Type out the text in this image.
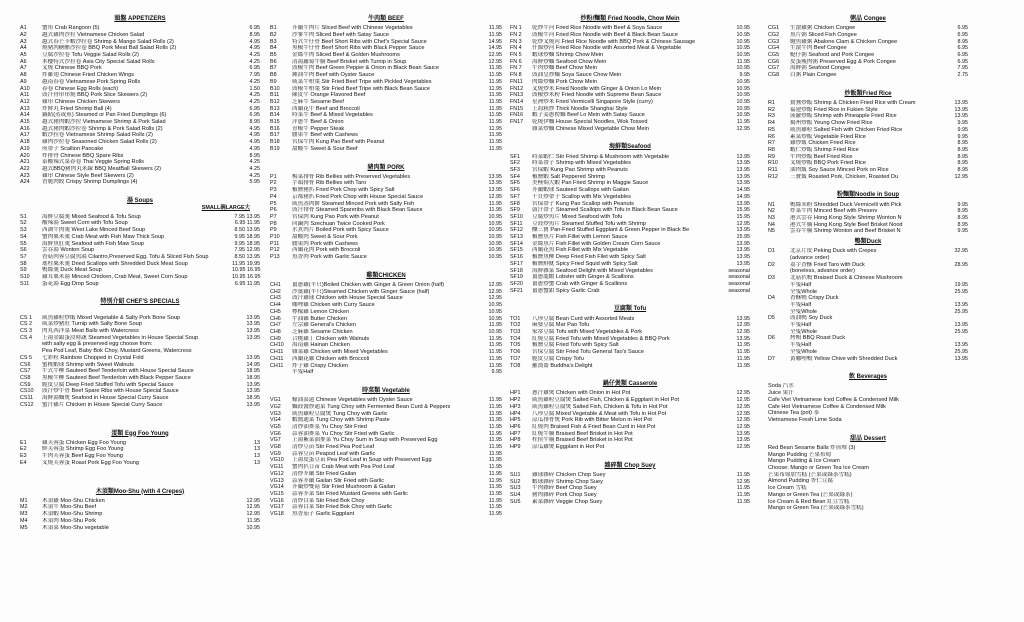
頭盤 APPETIZERS
A1	蟹角 Crab Rangoon (5)	6.95
A2	越式雞肉沙拉 Vietnamese Chicken Salad	8.95
A3	越式春芒卡蝦沙拉卷 Shrimp & Mango Salad Rolls (2)	4.95
A4	燒豬肉糖醋沙拉卷 BBQ Pork Meat Ball Salad Rolls (2)	4.95
A5	豆腐沙拉卷 Tofu Veggie Salad Rolls (2)	4.25
A6	本樓特式沙拉卷 Asia City Special Salad Rolls	4.25
A7	叉燒 Chinese BBQ Pork	6.95
A8	炸雞翅 Chinese Fried Chicken Wings	7.95
A9	越南春卷 Vietnamese Pork Spring Rolls	4.25
A10	春卷 Chinese Egg Rolls (each)	1.50
A11	豉汁骨串串燒 BBQ Pork Slice Skewers (2)	4.25
A12	雞串 Chinese Chicken Skewers	4.25
A13	炸鮮丸 Fried Shrimp Ball (4)	6.95
A14	鍋貼(蒸或煎) Steamed or Pan Fried Dumplings (6)	6.95
A15	越式豬肉蝦沙拉 Vietnamese Shrimp & Pork Salad	8.95
A16	越式豬肉蝦沙拉卷 Shrimp & Pork Salad Rolls (2)	4.95
A17	蝦沙拉卷 Vietnamese Shrimp Salad Rolls (2)	4.95
A18	雞肉沙拉卷 Seasoned Chicken Salad Rolls (2)	4.95
A19	煎帶子 Scallion Pancake	4.95
A20	炸排骨 Chinese BBQ Spare Ribs	8.95
A21	泰酸辣式菜春卷 Thai Veggie Spring Rolls	4.25
A22	越式BBQ豬肉丸米線 BBQ MeatBall Skewers (2)	4.25
A23	雞串 Chinese Style Beef Skewers (2)	4.25
A24	香脆肉餃 Crispy Shrimp Dumplings (4)	5.95
湯 Soups
SMALL碗LARGE大
S1	海鮮豆腐羹 Mixed Seafood & Tofu Soup	7.95 13.95
S2	酸辣湯 Sweet Corn with Tofu Soup	6.95 11.95
S3	西湖牛肉羹 West Lake Minced Beef Soup	8.50 13.95
S4	蟹肉粟米羹 Crab Meat with Fish Maw Thick Soup	9.95 18.95
S5	海鮮魚肚羹 Seafood with Fish Maw Soup	9.95 18.95
S6	雲吞湯 Wonton Soup	7.95 12.95
S7	香菇肉蓉豆腐魚湯 Cilantro,Preserved Egg, Tofu & Sliced Fish Soup	8.50 13.95
S8	瑤柱粟米羹 Dried Scallops with Shredded Duck Meat Soup	11.95 19.95
S9	鴨絲羹 Duck Meat Soup	10.95 16.95
S10	雞茸粟米湯 Minced Chicken, Crab Meat, Sweet Corn Soup	10.95 16.95
S11	蛋花湯 Egg Drop Soup	6.95 11.95
特別介紹 CHEF'S SPECIALS
CS 1	咸魚雞粒炒飯 Mixed Vegetable & Salty Pork Bone Soup	13.95
CS 2	咸菜炒豬肚 Turnip with Salty Bone Soup	13.95
CS 3	肉丸西洋菜 Meat Balls with Watercress	13.95
CS 4	上湯金銀蛋浸時蔬 Steamed Vegetables in House Special Soup	13.95
with salty egg & preserved egg choose from:
Pea Pod Leaf, Baby Bok Choy, Mustard Greens, Watercress
CS 5	七彩粒 Rainbow Chopped in Crystal Fold	13.95
CS6	蜜桃蝦球 Shrimp with Sweet Walnuts	14.95
CS7	牛式牛柳 Sauteed Beef Tenderloin with House Special Sauce	18.95
CS8	黑椒牛柳 Sauteed Beef Tenderloin with Black Pepper Sauce	18.95
CS9	脆皮豆腐 Deep Fried Stuffed Tofu with Special Sauce	13.95
CS10	豉汁炒牛骨 Beef Spare Ribs with House Special Sauce	13.95
CS11	海鮮湯麵煲 Seafood in House Special Curry Sauce	18.95
CS12	蜜汁雞片 Chicken in House Special Curry Sauce	13.95
蛋類 Egg Foo Young
E1	雞芙蓉蛋 Chicken Egg Foo Young	13
E2	鮮芙蓉蛋 Shrimp Egg Foo Young	13
E3	牛肉芙蓉蛋 Beef Egg Foo Young	13
E4	叉燒芙蓉蛋 Roast Pork Egg Foo Young	13
木須類Moo-Shu (with 4 Crepes)
M1	木須雞 Moo-Shu Chicken	12.95
M2	木須牛 Moo-Shu Beef	12.95
M3	木須蝦 Moo-Shu Shrimp	12.95
M4	木須肉 Moo-Shu Pork	11.95
M5	木須菜 Moo-Shu vegetable	10.95
牛肉類 BEEF
B1	芥蘭牛肉片 Sliced Beef with Chinese Vegetables	11.95
B2	沙爹牛肉 Sliced Beef with Satay Sauce	11.95
B3	特式牛仔骨 Beef Short Ribs with Chef's Special Sauce	14.95
B4	黑椒牛仔骨 Beef Short Ribs with Black Pepper Sauce	14.95
B5	金絲牛肉 Sliced Beef & Golden Mushrooms	12.95
B6	清湯蘿蔔牛腩 Beef Brisket with Turnip in Soup	12.95
B7	豉椒牛肉 Beef Green Pepper & Onion in Black Bean Sauce	11.95
B8	鍾油牛肉 Beef with Oyster Sauce	11.95
B9	咸菜牛柏葉 Stir Fried Beef Tripe with Pickled Vegetables	11.95
B10	豉椒牛柏葉 Stir Fried Beef Tripe with Black Bean Sauce	11.95
B11	陳皮牛 Orange Flavored Beef	11.95
B12	芝麻牛 Sesame Beef	11.95
B13	西蘭花牛 Beef and Broccoli	11.95
B14	時菜牛 Beef & Mixed Vegetables	11.95
B15	洋蔥牛 Beef & Onion	11.95
B16	青椒牛 Pepper Steak	11.95
B17	腰果牛 Beef with Cashews	11.95
B18	宮保牛肉 Kung Pao Beef with Peanut	11.95
B19	甜酸牛 Sweet & Sour Beef	11.95
豬肉類 PORK
P1	梅菜排骨 Rib Bellies with Preserved Vegetables	13.95
P2	芋頭排骨 Rib Bellies with Taro	13.95
P3	椒鹽豬扒 Fried Pork Chop with Spicy Salt	13.95
P4	京都豬扒 Fried Pork Chop with House Special Sauce	12.95
P5	咸魚蒸肉餅 Steamed Minced Pork with Salty Fish	11.95
P6	豉汁排骨 Steamed Spareribs with Black Bean Sauce	11.95
P7	宮保肉 Kung Pao Pork with Peanut	10.95
P8	回鍋肉 Szechuan Twice Cooked Pork	10.95
P9	水煮肉片 Boiled Pork with Spicy Sauce	10.95
P10	甜酸肉 Sweet & Sour Pork	10.95
P11	腰果肉 Pork with Cashews	10.95
P12	西蘭花肉 Pork with Broccoli	10.95
P13	魚香肉 Pork with Garlic Sauce	10.95
雞類CHICKEN
CH1	薑蔥雞(半只)Boiled Chicken with Ginger & Green Onion (half)	12.95
CH2	沙薑雞(半只)Steamed Chicken with Ginger Sauce (half)	12.95
CH3	豉汁雞球 Chicken with House Special Sauce	12.95
CH4	咖哩雞 Chicken with Curry Sauce	10.95
CH5	檸檬雞 Lemon Chicken	10.95
CH6	牛油雞 Butter Chicken	10.95
CH7	左宗雞 General's Chicken	11.95
CH8	芝麻雞 Sesame Chicken	10.95
CH9	合桃雞丁 Chicken with Walnuts	11.95
CH10	海南雞 Hainan Chicken	11.95
CH11	雜菜雞 Chicken with Mixed Vegetables	11.95
CH11	西蘭花雞 Chicken with Broccoli	11.95
CH11	炸子雞 Crispy Chicken	11.95
半隻Half	9.95
時菜類 Vegetable
VG1	蠔油菜遠 Chinese Vegetables with Oyster Sauce	11.95
VG2	麵豉醬炒通菜 Tung Choy with Fermented Bean Curd & Peppers	11.95
VG3	咸魚雞粒豆腐煲 Tung Choy with Garlic	11.95
VG4	蝦醬通菜 Tung Choy with Shrimp Paste	11.95
VG5	清炒油麥菜 Yu Choy Stir Fried	11.95
VG6	蒜蓉油麥菜 Yu Choy Stir Fried with Garlic	11.95
VG7	上湯紫菜油麥菜 Yu Choy Sum in Soup with Preserved Egg	11.95
VG8	清炒豆苗 Stir Fried Pea Pod Leaf	11.95
VG9	蒜蓉豆苗 Peapod Leaf with Garlic	11.95
VG10	上湯皮蛋豆苗 Pea Pod Leaf in Soup with Preserved Egg	11.95
VG11	蟹肉扒豆苗 Crab Meat with Pea Pod Leaf	11.95
VG12	清炒芥蘭 Stir Fried Gailan	11.95
VG13	蒜蓉芥蘭 Gailan Stir Fried with Garlic	11.95
VG14	芥蘭炒雙菇 Stir Fried Mushroom & Gailan	11.95
VG15	蒜蓉芥菜 Stir Fried Mustard Greens with Garlic	11.95
VG16	清炒白菜 Stir Fried Bok Choy	11.95
VG17	蒜蓉白菜 Stir Fried Bok Choy with Garlic	11.95
VG18	魚香茄子 Garlic Eggplant	11.95
炒粉/麵類 Fried Noodle, Chow Mein
FN 1	乾炒牛河 Fried Rice Noodle with Beef & Soya Sauce	10.95
FN 2	豉椒牛河 Fried Rice Noodle with Beef & Black Bean Sauce	10.95
FN 3	乾炒叉燒河 Fried Rice Noodle with BBQ Pork & Chinese Sausage	10.95
FN 4	什錦炒河 Fried Rice Noodle with Assorted Meat & Vegetable	10.95
FN 5	蝦球炒麵 Shrimp Chow Mein	10.95
FN 6	海鮮炒麵 Seafood Chow Mein	11.95
FN 7	牛肉炒麵 Beef Chow Mein	10.95
FN 8	豉油皇炒麵 Soya Sauce Chow Mein	9.95
FN11	肉絲炒麵 Pork Chow Mein	10.95
FN12	叉燒炒米 Fried Noodle with Ginger & Onion Lo Mein	10.95
FN13	豉椒炒米粉 Fried Noodle with Supreme Bean Sauce	10.95
FN14	星洲炒米 Fried Vermicelli Singapore Style (curry)	10.95
FN15	上海粗炒 Thick Noodle Shanghai Style	10.95
FN16	蝦子姜蔥撈麵 Beef Lo Mein with Satay Sauce	10.95
FN17	乾燒伊麵 House Special Noodles, Wok Tossed	11.95
雜菜炒麵 Chinese Mixed Vegetable Chow Mein	12.95
海鮮類Seafood
SF1	時菜蝦仁 Stir Fried Shrimp & Mushroom with Vegetable	13.95
SF2	時菜帶子 Shrimp with Mixed Vegetables	13.95
SF3	宮保蝦 Kung Pao Shrimp with Peanuts	13.95
SF4	椒鹽蝦 Salt Peppered Shrimp	13.95
SF5	美極焗大蝦 Pan Fried Shrimp in Maggie Sauce	13.95
SF6	芥蘭蝦球 Sauteed Scallops with Gailan	14.95
SF7	干貝炒帶子 Scallop with Mix Vegetables	14.95
SF8	宮保帶子 Kung Pao Scallop with Peanuts	13.95
SF9	鼓汁帶子 Steamed Scallops with Tofu in Black Bean Sauce	15.95
SF10	豆腐炒魚片 Mixed Seafood with Tofu	15.95
SF11	豆豉炒魚片 Steamed Stuffed Tofu with Shrimp	12.95
SF12	釀三寶 Pan-Fried Stuffed Eggplant & Green Pepper in Black Be	13.95
SF13	椒鹽魚片 Fish Fillet with Lemon Sauce	15.95
SF14	金絲魚片 Fish Fillet with Golden Cream Corn Sauce	13.95
SF15	西蘭花魚 Fish Fillet with Mix Vegetable	13.95
SF16	椒鹽魚柳 Deep Fried Fish Filet with Spicy Salt	13.95
SF17	椒鹽鮮魷 Spicy Fried Squid with Spicy Salt	13.95
SF18	海鮮雜菜 Seafood Delight with Mixed Vegetables	seasonal
SF19	薑蔥龍蝦 Lobster with Ginger & Scallions	seasonal
SF20	薑蔥炒蟹 Crab with Ginger & Scallions	seasonal
SF21	薑蔥蟹鉗 Spicy Garlic Crab	seasonal
豆腐類 Tofu
TO1	八珍豆腐 Bean Curd with Assorted Meats	13.95
TO2	麻婆豆腐 Mar Pao Tofu	12.95
TO3	家常豆腐 Tofu with Mixed Vegetables & Pork	12.95
TO4	紅燒豆腐 Fried Tofu with Mixed Vegetables & BBQ Pork	13.95
TO5	椒鹽豆腐 Fried Tofu with Spicy Salt	11.95
TO6	宮保豆腐 Stir Fried Tofu General Tao's Sauce	11.95
TO7	脆皮豆腐 Crispy Tofu	11.95
TO8	羅漢齋 Buddha's Delight	11.95
鍋仔煲類 Casserole
HP1	蔥汁雞煲 Chicken with Onion in Hot Pot	12.95
HP2	咸魚雞粒豆腐煲 Salted Fish, Chicken & Eggplant in Hot Pot	12.95
HP3	咸魚雞粒豆腐煲 Salted Fish, Chicken & Tofu in Hot Pot	12.95
HP4	八珍豆腐 Mixed Vegetable & Meat with Tofu in Hot Pot	12.95
HP5	涼瓜排骨煲 Pork Rib with Bitter Melon in Hot Pot	12.95
HP6	紅燒肉 Braised Fish & Fried Bean Curd in Hot Pot	12.95
HP7	紅燒牛腩 Braised Beef Brisket in Hot Pot	13.95
HP8	柱侯牛腩 Braised Beef Brisket in Hot Pot	13.95
HP9	涼瓜雞煲 Eggplant in Hot Pot	12.95
雜碎類 Chop Suey
SU1	雞球雜碎 Chicken Chop Suey	11.95
SU2	蝦球雜碎 Shrimp Chop Suey	12.95
SU3	牛肉雜碎 Beef Chop Suey	11.95
SU4	豬肉雜碎 Pork Chop Suey	11.95
SU5	素菜雜碎 Veggie Chop Suey	11.95
粥品 Congee
CG1	生滾雞粥 Chicken Congee	6.95
CG2	魚片粥 Sliced Fish Congee	6.95
CG3	鮑魚雞粥 Abalone Clam & Chicken Congee	8.95
CG4	生滾牛肉 Beef Congee	6.95
CG5	艇仔粥 Seafood and Pork Congee	6.95
CG6	皮蛋瘦肉粥 Preserved Egg & Pork Congee	6.95
CG7	海鮮粥 Seafood Congee	7.95
CG8	白粥 Plain Congee	2.75
炒飯類Fried Rice
R1	鴛鴦炒飯 Shrimp & Chicken Fried Rice with Cream	13.95
R2	福建炒飯 Fried Rice in Fukien Style	13.95
R3	菠蘿炒飯 Shrimp with Pineapple Fried Rice	13.95
R4	揚州炒飯 Yeung Chow Fried Rice	9.95
R5	咸魚雞粒 Salted Fish with Chicken Fried Rice	9.95
R6	素菜炒飯 Vegetable Fried Rice	9.95
R7	雞炒飯 Chicken Fried Rice	8.95
R8	蝦仁炒飯 Shrimp Fried Rice	8.95
R9	牛肉炒飯 Beef Fried Rice	8.95
R10	叉燒炒飯 BBQ Pork Fried Rice	8.95
R11	油肉飯 Soy Sauce Minced Pork on Rice	8.95
R12	三寶飯 Roasted Pork, Chicken, Roasted Du	12.95
粉麵類Noodle in Soup
N1	鴨絲米粉 Shredded Duck Vermicelli with Pick	9.95
N2	炸菜牛肉 Minced Beef with Preserv	8.95
N3	港式雲吞 Hong Kong Style Shrimp Wonton N	8.95
N4	港式牛腩 Hong Kong Style Beef Brisket Nood	8.95
N5	雲吞牛腩 Shrimp Wonton and Beef Brisket N	9.95
鴨類Duck
D1	北京片皮 Peking Duck with Crepes	32.95
(advance order)
D2	荔芋香酥 Fried Taro with Duck	28.95
(boneless, advance order)
D3	北菇扒鴨 Braised Duck & Chinese Mushroom
半隻Half	19.95
全隻Whole	25.95
D4	香酥鴨 Crispy Duck
半隻Half	13.95
全隻Whole	25.95
D5	豉油鴨 Soy Duck
半隻Half	13.95
全隻Whole	25.95
D6	烤鴨 BBQ Roast Duck
半隻Half	13.95
全隻Whole	25.95
D7	黃咖哩鴨 Yellow Chive with Shredded Duck	13.95
飲 Beverages
Soda 汽水
Juice 果汁
Cafe Viet Vietnamese Iced Coffee & Condensed Milk
Cafe Hot Vietnamese Coffee & Condensed Milk
Chinese Tea (pot) 茶
Vietnamese Fresh Lime Soda
甜品 Dessert
Red Bean Sesame Balls 炸煎堆 (3)
Mango Pudding 芒果布甸
Mango Pudding & Ice Cream
Choose: Mango or Green Tea Ice Cream
芒果布甸加雪糕 (芒果或綠茶雪糕)
Almond Pudding 杏仁豆腐
Ice Cream 雪糕
Mango or Green Tea (芒果或綠茶)
Ice Cream & Red Bean 紅豆雪糕
Mango or Green Tea (芒果或綠茶雪糕)
